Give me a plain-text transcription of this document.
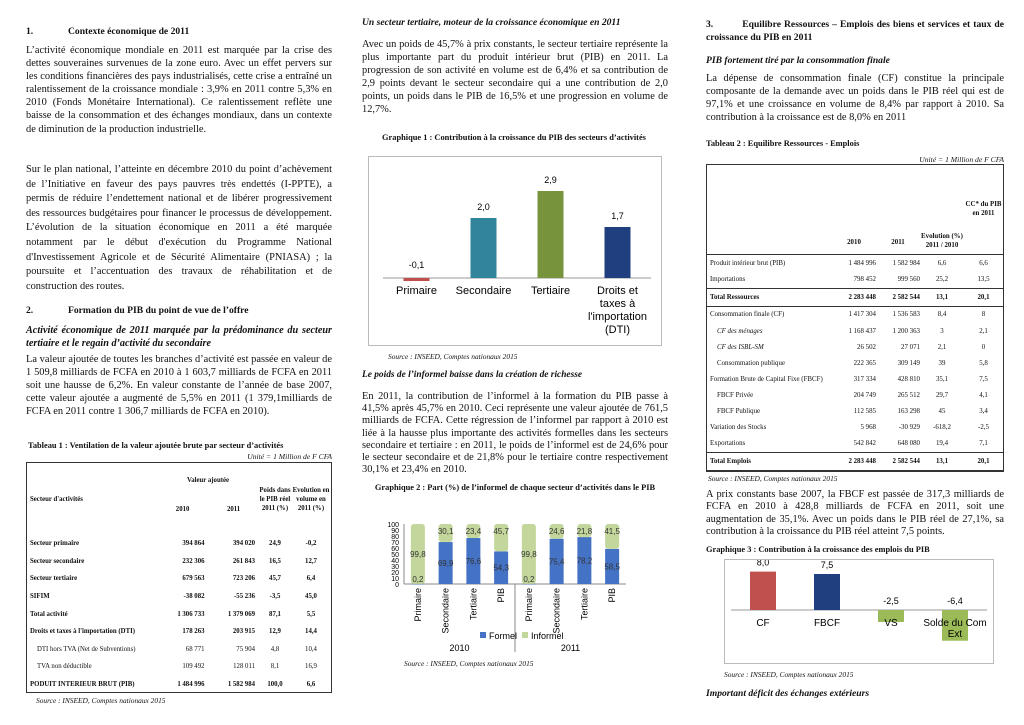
1.	Contexte économique de 2011

L’activité économique mondiale en 2011 est marquée par la crise des dettes souveraines survenues de la zone euro. Avec un effet pervers sur les conditions financières des pays industrialisés, cette crise a entraîné un ralentissement de la croissance mondiale : 3,9% en 2011 contre 5,3% en 2010 (Fonds Monétaire International). Ce ralentissement reflète une baisse de la consommation et des échanges mondiaux, dans un contexte de diminution de la production industrielle.

Sur le plan national, l’atteinte en décembre 2010 du point d’achèvement de l’Initiative en faveur des pays pauvres très endettés (I-PPTE), a permis de réduire l’endettement national et de libérer progressivement des ressources budgétaires pour financer le processus de développement. L’évolution de la situation économique en 2011 a été marquée notamment par le début d'exécution du Programme National d'Investissement Agricole et de Sécurité Alimentaire (PNIASA) ; la poursuite et l’accentuation des travaux de réhabilitation et de construction des routes.

2.	Formation du PIB du point de vue de l’offre

Activité économique de 2011 marquée par la prédominance du secteur tertiaire et le regain d’activité du secondaire

La valeur ajoutée de toutes les branches d’activité est passée en valeur de 1 509,8 milliards de FCFA en 2010 à 1 603,7 milliards de FCFA en 2011 soit une hausse de 6,2%. En valeur constante de l’année de base 2007, cette valeur ajoutée a augmenté de 5,5% en 2011 (1 379,1milliards de FCFA en 2011 contre 1 306,7 milliards de FCFA en 2010).

Tableau 1 : Ventilation de la valeur ajoutée brute par secteur d’activités
Unité = 1 Million de F CFA
Secteur d'activités	Valeur ajoutée
2010 2011		Poids dans le PIB réel 2011 (%)	Evolution en volume en 2011 (%)
Secteur primaire	394 864	394 020	24,9	-0,2
Secteur secondaire	232 306	261 843	16,5	12,7
Secteur tertiaire	679 563	723 206	45,7	6,4
SIFIM	-38 082	-55 236	-3,5	45,0
Total activité	1 306 733	1 379 069	87,1	5,5
Droits et taxes à l'importation (DTI)	178 263	203 915	12,9	14,4
DTI hors TVA (Net de Subventions)	68 771	75 904	4,8	10,4
TVA non déductible	109 492	128 011	8,1	16,9
PODUIT INTERIEUR BRUT (PIB)	1 484 996	1 582 984	100,0	6,6
Source : INSEED, Comptes nationaux 2015
Un secteur tertiaire, moteur de la croissance économique en 2011

Avec un poids de 45,7% à prix constants, le secteur tertiaire représente la plus importante part du produit intérieur brut (PIB) en 2011. La progression de son activité en volume est de 6,4% et sa contribution de 2,9 points devant le secteur secondaire qui a une contribution de 2,0 points, un poids dans le PIB de 16,5% et une progression en volume de 12,7%.

Graphique 1 : Contribution à la croissance du PIB des secteurs d’activités
-0,1
Primaire
2,0
Secondaire
2,9
Tertiaire
1,7
Droits et
taxes à
l'importation
(DTI)
Source : INSEED, Comptes nationaux 2015
Le poids de l’informel baisse dans la création de richesse

En 2011, la contribution de l’informel à la formation du PIB passe à 41,5% après 45,7% en 2010. Ceci représente une valeur ajoutée de 761,5 milliards de FCFA. Cette régression de l’informel par rapport à 2010 est liée à la hausse plus importante des activités formelles dans les secteurs secondaire et tertiaire : en 2011, le poids de l’informel est de 24,6% pour le secteur secondaire et de 21,8% pour le tertiaire contre respectivement 30,1% et 23,4% en 2010.

Graphique 2 : Part (%) de l’informel de chaque secteur d’activités dans le PIB
0
10
20
30
40
50
60
70
80
90
100
0,2
99,8
Primaire
69,9
30,1
Secondaire
76,6
23,4
Tertiaire
54,3
45,7
PIB
0,2
99,8
Primaire
75,4
24,6
Secondaire
78,2
21,8
Tertiaire
58,5
41,5
PIB
Formel Informel
2010	2011
Source : INSEED, Comptes nationaux 2015
3.	Equilibre Ressources – Emplois des biens et services et taux de croissance du PIB en 2011
PIB fortement tiré par la consommation finale

La dépense de consommation finale (CF) constitue la principale composante de la demande avec un poids dans le PIB réel qui est de 97,1% et une croissance en volume de 8,4% par rapport à 2010. Sa contribution à la croissance est de 8,0% en 2011

Tableau 2 : Equilibre Ressources - Emplois
Unité = 1 Million de F CFA
	2010	2011	Evolution (%) 2011 / 2010	CC* du PIB en 2011
Produit intérieur brut (PIB)	1 484 996	1 582 984	6,6	6,6
Importations	798 452	999 560	25,2	13,5
Total Ressources	2 283 448	2 582 544	13,1	20,1
Consommation finale (CF)	1 417 304	1 536 583	8,4	8
CF des ménages	1 168 437	1 200 363	3	2,1
CF des ISBL-SM	26 502	27 071	2,1	0
Consommation publique	222 365	309 149	39	5,8
Formation Brute de Capital Fixe (FBCF)	317 334	428 810	35,1	7,5
FBCF Privée	204 749	265 512	29,7	4,1
FBCF Publique	112 585	163 298	45	3,4
Variation des Stocks	5 968	-30 929	-618,2	-2,5
Exportations	542 842	648 080	19,4	7,1
Total Emplois	2 283 448	2 582 544	13,1	20,1
Source : INSEED, Comptes nationaux 2015

A prix constants base 2007, la FBCF est passée de 317,3 milliards de FCFA en 2010 à 428,8 milliards de FCFA en 2011, soit une augmentation de 35,1%. Avec un poids dans le PIB réel de 27,1%, sa contribution à la croissance du PIB réel atteint 7,5 points.

Graphique 3 : Contribution à la croissance des emplois du PIB
8,0
CF
7,5
FBCF
-2,5
VS
-6,4
Solde du Com
Ext
Source : INSEED, Comptes nationaux 2015
Important déficit des échanges extérieurs
